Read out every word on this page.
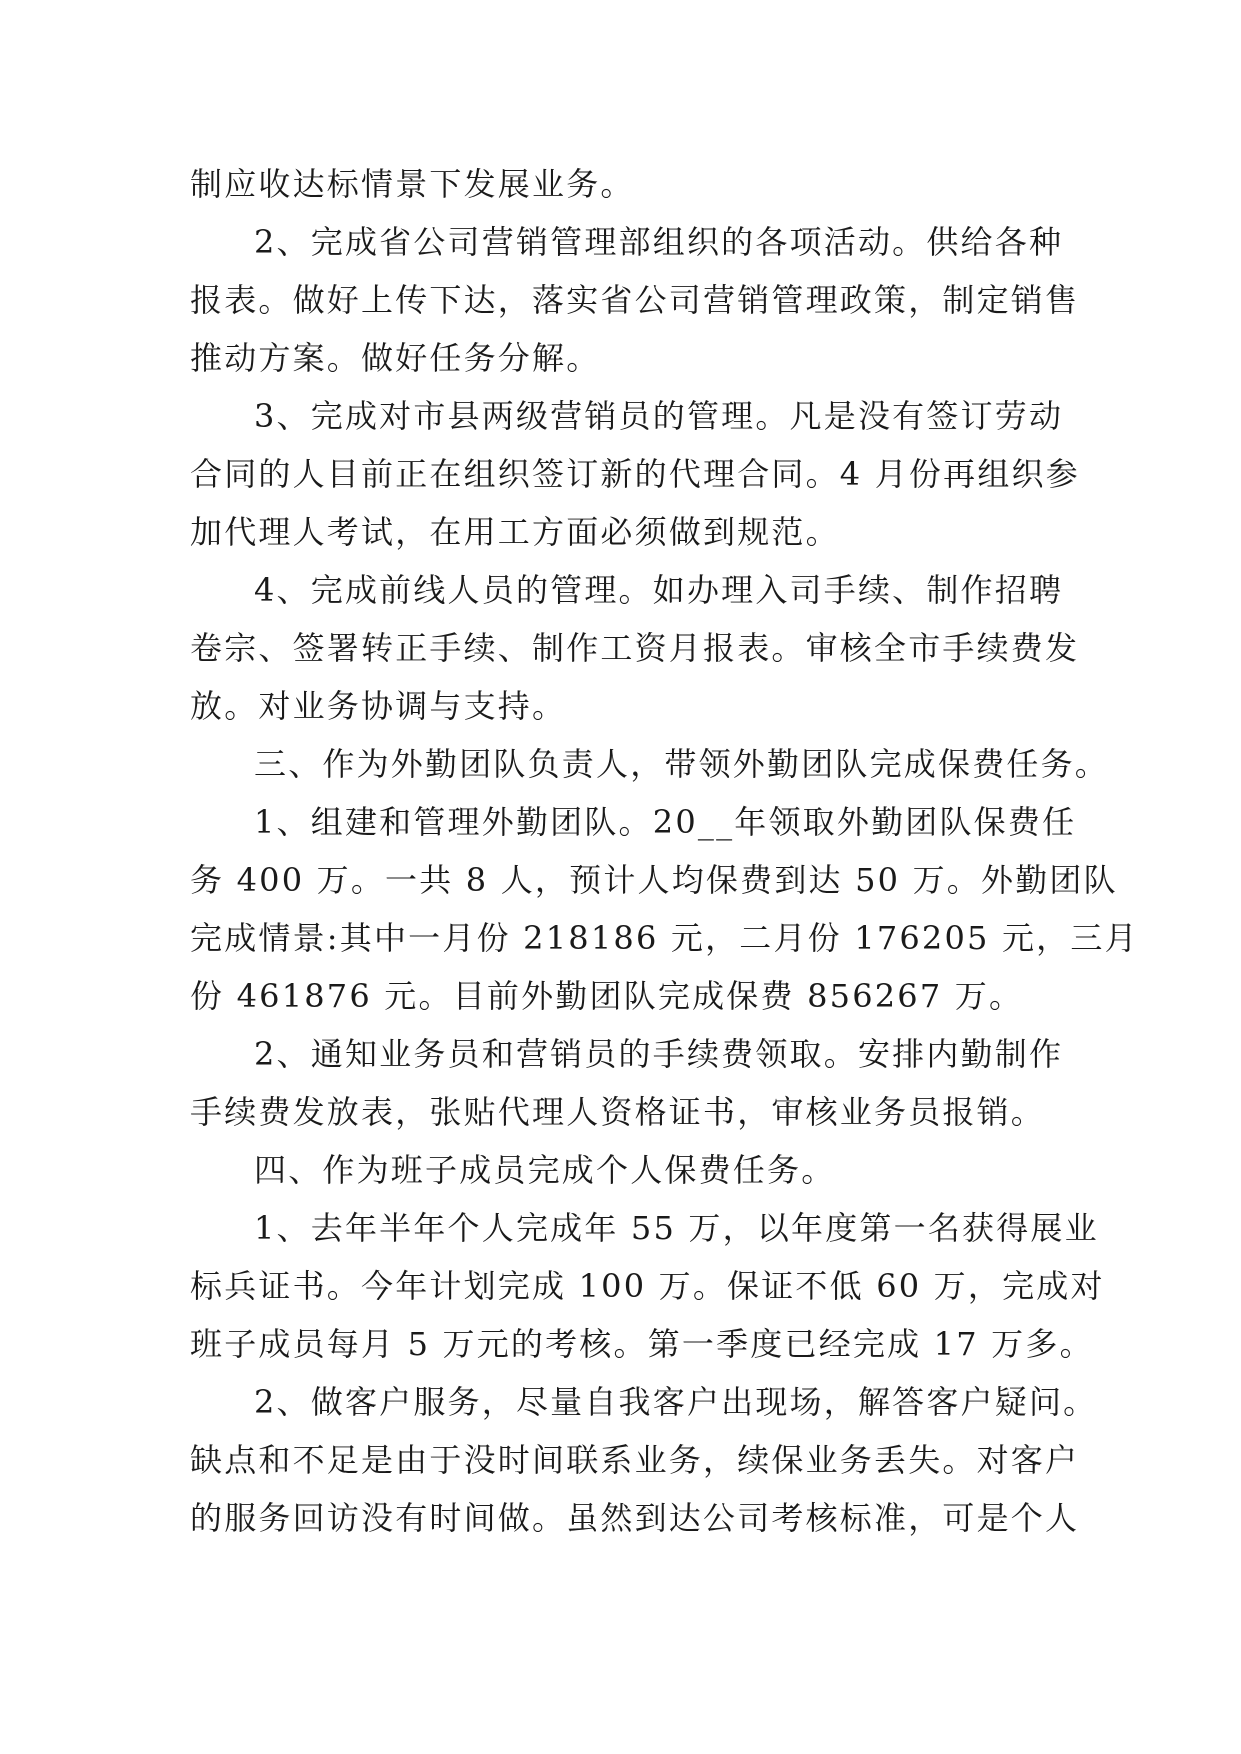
制应收达标情景下发展业务。
2、完成省公司营销管理部组织的各项活动。供给各种
报表。做好上传下达，落实省公司营销管理政策，制定销售
推动方案。做好任务分解。
3、完成对市县两级营销员的管理。凡是没有签订劳动
合同的人目前正在组织签订新的代理合同。4 月份再组织参
加代理人考试，在用工方面必须做到规范。
4、完成前线人员的管理。如办理入司手续、制作招聘
卷宗、签署转正手续、制作工资月报表。审核全市手续费发
放。对业务协调与支持。
三、作为外勤团队负责人，带领外勤团队完成保费任务。
1、组建和管理外勤团队。20__年领取外勤团队保费任
务 400 万。一共 8 人，预计人均保费到达 50 万。外勤团队
完成情景:其中一月份 218186 元，二月份 176205 元，三月
份 461876 元。目前外勤团队完成保费 856267 万。
2、通知业务员和营销员的手续费领取。安排内勤制作
手续费发放表，张贴代理人资格证书，审核业务员报销。
四、作为班子成员完成个人保费任务。
1、去年半年个人完成年 55 万，以年度第一名获得展业
标兵证书。今年计划完成 100 万。保证不低 60 万，完成对
班子成员每月 5 万元的考核。第一季度已经完成 17 万多。
2、做客户服务，尽量自我客户出现场，解答客户疑问。
缺点和不足是由于没时间联系业务，续保业务丢失。对客户
的服务回访没有时间做。虽然到达公司考核标准，可是个人
